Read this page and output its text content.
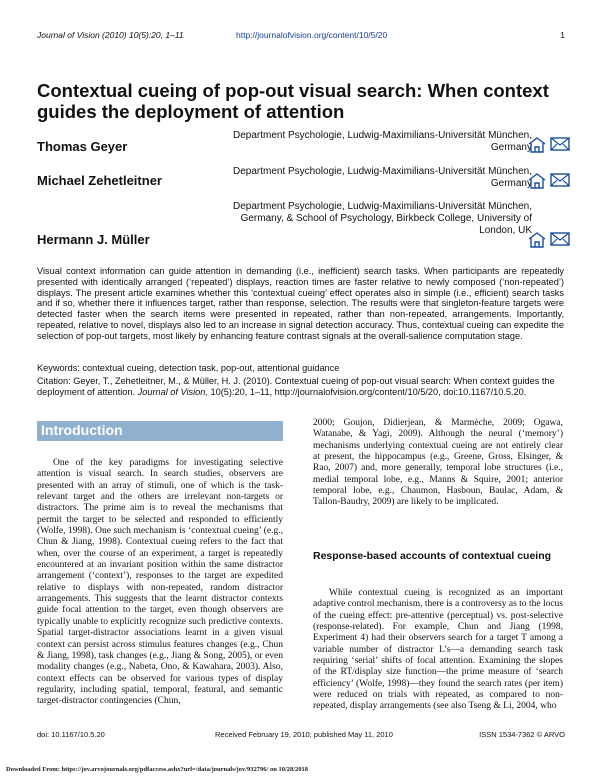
Journal of Vision (2010) 10(5):20, 1–11	http://journalofvision.org/content/10/5/20	1
Contextual cueing of pop-out visual search: When context guides the deployment of attention
Thomas Geyer
Department Psychologie, Ludwig-Maximilians-Universität München, Germany
Michael Zehetleitner
Department Psychologie, Ludwig-Maximilians-Universität München, Germany
Hermann J. Müller
Department Psychologie, Ludwig-Maximilians-Universität München, Germany, & School of Psychology, Birkbeck College, University of London, UK
Visual context information can guide attention in demanding (i.e., inefficient) search tasks. When participants are repeatedly presented with identically arranged (‘repeated’) displays, reaction times are faster relative to newly composed (‘non-repeated’) displays. The present article examines whether this ‘contextual cueing’ effect operates also in simple (i.e., efficient) search tasks and if so, whether there it influences target, rather than response, selection. The results were that singleton-feature targets were detected faster when the search items were presented in repeated, rather than non-repeated, arrangements. Importantly, repeated, relative to novel, displays also led to an increase in signal detection accuracy. Thus, contextual cueing can expedite the selection of pop-out targets, most likely by enhancing feature contrast signals at the overall-salience computation stage.
Keywords: contextual cueing, detection task, pop-out, attentional guidance
Citation: Geyer, T., Zehetleitner, M., & Müller, H. J. (2010). Contextual cueing of pop-out visual search: When context guides the deployment of attention. Journal of Vision, 10(5):20, 1–11, http://journalofvision.org/content/10/5/20, doi:10.1167/10.5.20.
Introduction

One of the key paradigms for investigating selective attention is visual search. In search studies, observers are presented with an array of stimuli, one of which is the task-relevant target and the others are irrelevant non-targets or distractors. The prime aim is to reveal the mechanisms that permit the target to be selected and responded to efficiently (Wolfe, 1998). One such mechanism is ‘contextual cueing’ (e.g., Chun & Jiang, 1998). Contextual cueing refers to the fact that when, over the course of an experiment, a target is repeatedly encountered at an invariant position within the same distractor arrangement (‘context’), responses to the target are expedited relative to displays with non-repeated, random distractor arrangements. This suggests that the learnt distractor contexts guide focal attention to the target, even though observers are typically unable to explicitly recognize such predictive contexts. Spatial target-distractor associations learnt in a given visual context can persist across stimulus features changes (e.g., Chun & Jiang, 1998), task changes (e.g., Jiang & Song, 2005), or even modality changes (e.g., Nabeta, Ono, & Kawahara, 2003). Also, context effects can be observed for various types of display regularity, including spatial, temporal, featural, and semantic target-distractor contingencies (Chun,

2000; Goujon, Didierjean, & Marmèche, 2009; Ogawa, Watanabe, & Yagi, 2009). Although the neural (‘memory’) mechanisms underlying contextual cueing are not entirely clear at present, the hippocampus (e.g., Greene, Gross, Elsinger, & Rao, 2007) and, more generally, temporal lobe structures (i.e., medial temporal lobe, e.g., Manns & Squire, 2001; anterior temporal lobe, e.g., Chaumon, Hasboun, Baulac, Adam, & Tallon-Baudry, 2009) are likely to be implicated.

Response-based accounts of contextual cueing

While contextual cueing is recognized as an important adaptive control mechanism, there is a controversy as to the locus of the cueing effect: pre-attentive (perceptual) vs. post-selective (response-related). For example, Chun and Jiang (1998, Experiment 4) had their observers search for a target T among a variable number of distractor L’s—a demanding search task requiring ‘serial’ shifts of focal attention. Examining the slopes of the RT/display size function—the prime measure of ‘search efficiency’ (Wolfe, 1998)—they found the search rates (per item) were reduced on trials with repeated, as compared to non-repeated, display arrangements (see also Tseng & Li, 2004, who

doi: 10.1167/10.5.20	Received February 19, 2010; published May 11, 2010	ISSN 1534-7362 © ARVO
Downloaded From: https://jov.arvojournals.org/pdfaccess.ashx?url=/data/journals/jov/932796/ on 10/28/2018
